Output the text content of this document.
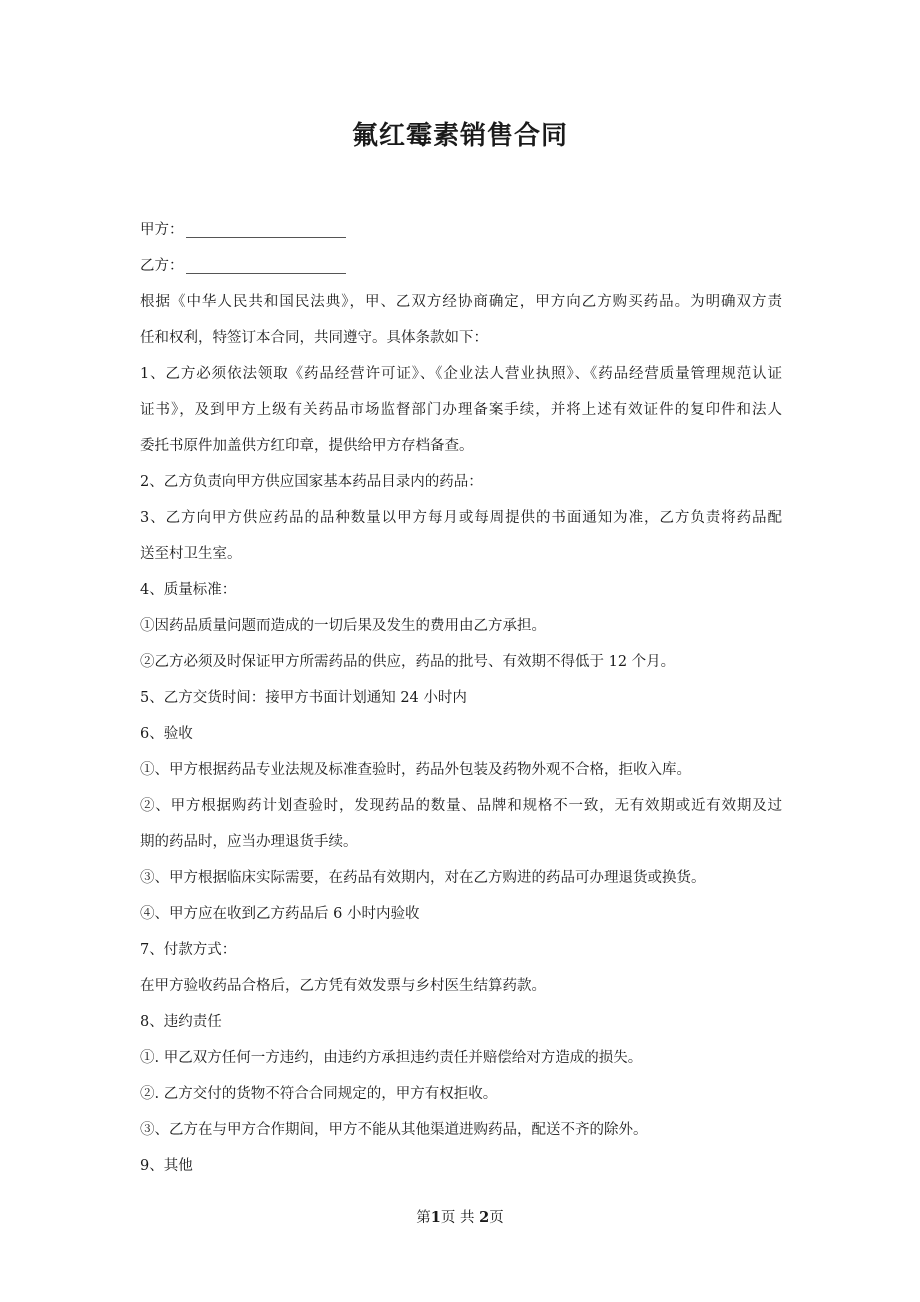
氟红霉素销售合同
甲方：
乙方：
根据《中华人民共和国民法典》，甲、乙双方经协商确定，甲方向乙方购买药品。为明确双方责
任和权利，特签订本合同，共同遵守。具体条款如下：
1、乙方必须依法领取《药品经营许可证》、《企业法人营业执照》、《药品经营质量管理规范认证
证书》，及到甲方上级有关药品市场监督部门办理备案手续，并将上述有效证件的复印件和法人
委托书原件加盖供方红印章，提供给甲方存档备查。
2、乙方负责向甲方供应国家基本药品目录内的药品：
3、乙方向甲方供应药品的品种数量以甲方每月或每周提供的书面通知为准，乙方负责将药品配
送至村卫生室。
4、质量标准：
①因药品质量问题而造成的一切后果及发生的费用由乙方承担。
②乙方必须及时保证甲方所需药品的供应，药品的批号、有效期不得低于 12 个月。
5、乙方交货时间：接甲方书面计划通知 24 小时内
6、验收
①、甲方根据药品专业法规及标准查验时，药品外包装及药物外观不合格，拒收入库。
②、甲方根据购药计划查验时，发现药品的数量、品牌和规格不一致，无有效期或近有效期及过
期的药品时，应当办理退货手续。
③、甲方根据临床实际需要，在药品有效期内，对在乙方购进的药品可办理退货或换货。
④、甲方应在收到乙方药品后 6 小时内验收
7、付款方式：
在甲方验收药品合格后，乙方凭有效发票与乡村医生结算药款。
8、违约责任
①. 甲乙双方任何一方违约，由违约方承担违约责任并赔偿给对方造成的损失。
②. 乙方交付的货物不符合合同规定的，甲方有权拒收。
③、乙方在与甲方合作期间，甲方不能从其他渠道进购药品，配送不齐的除外。
9、其他
第1页 共 2页
